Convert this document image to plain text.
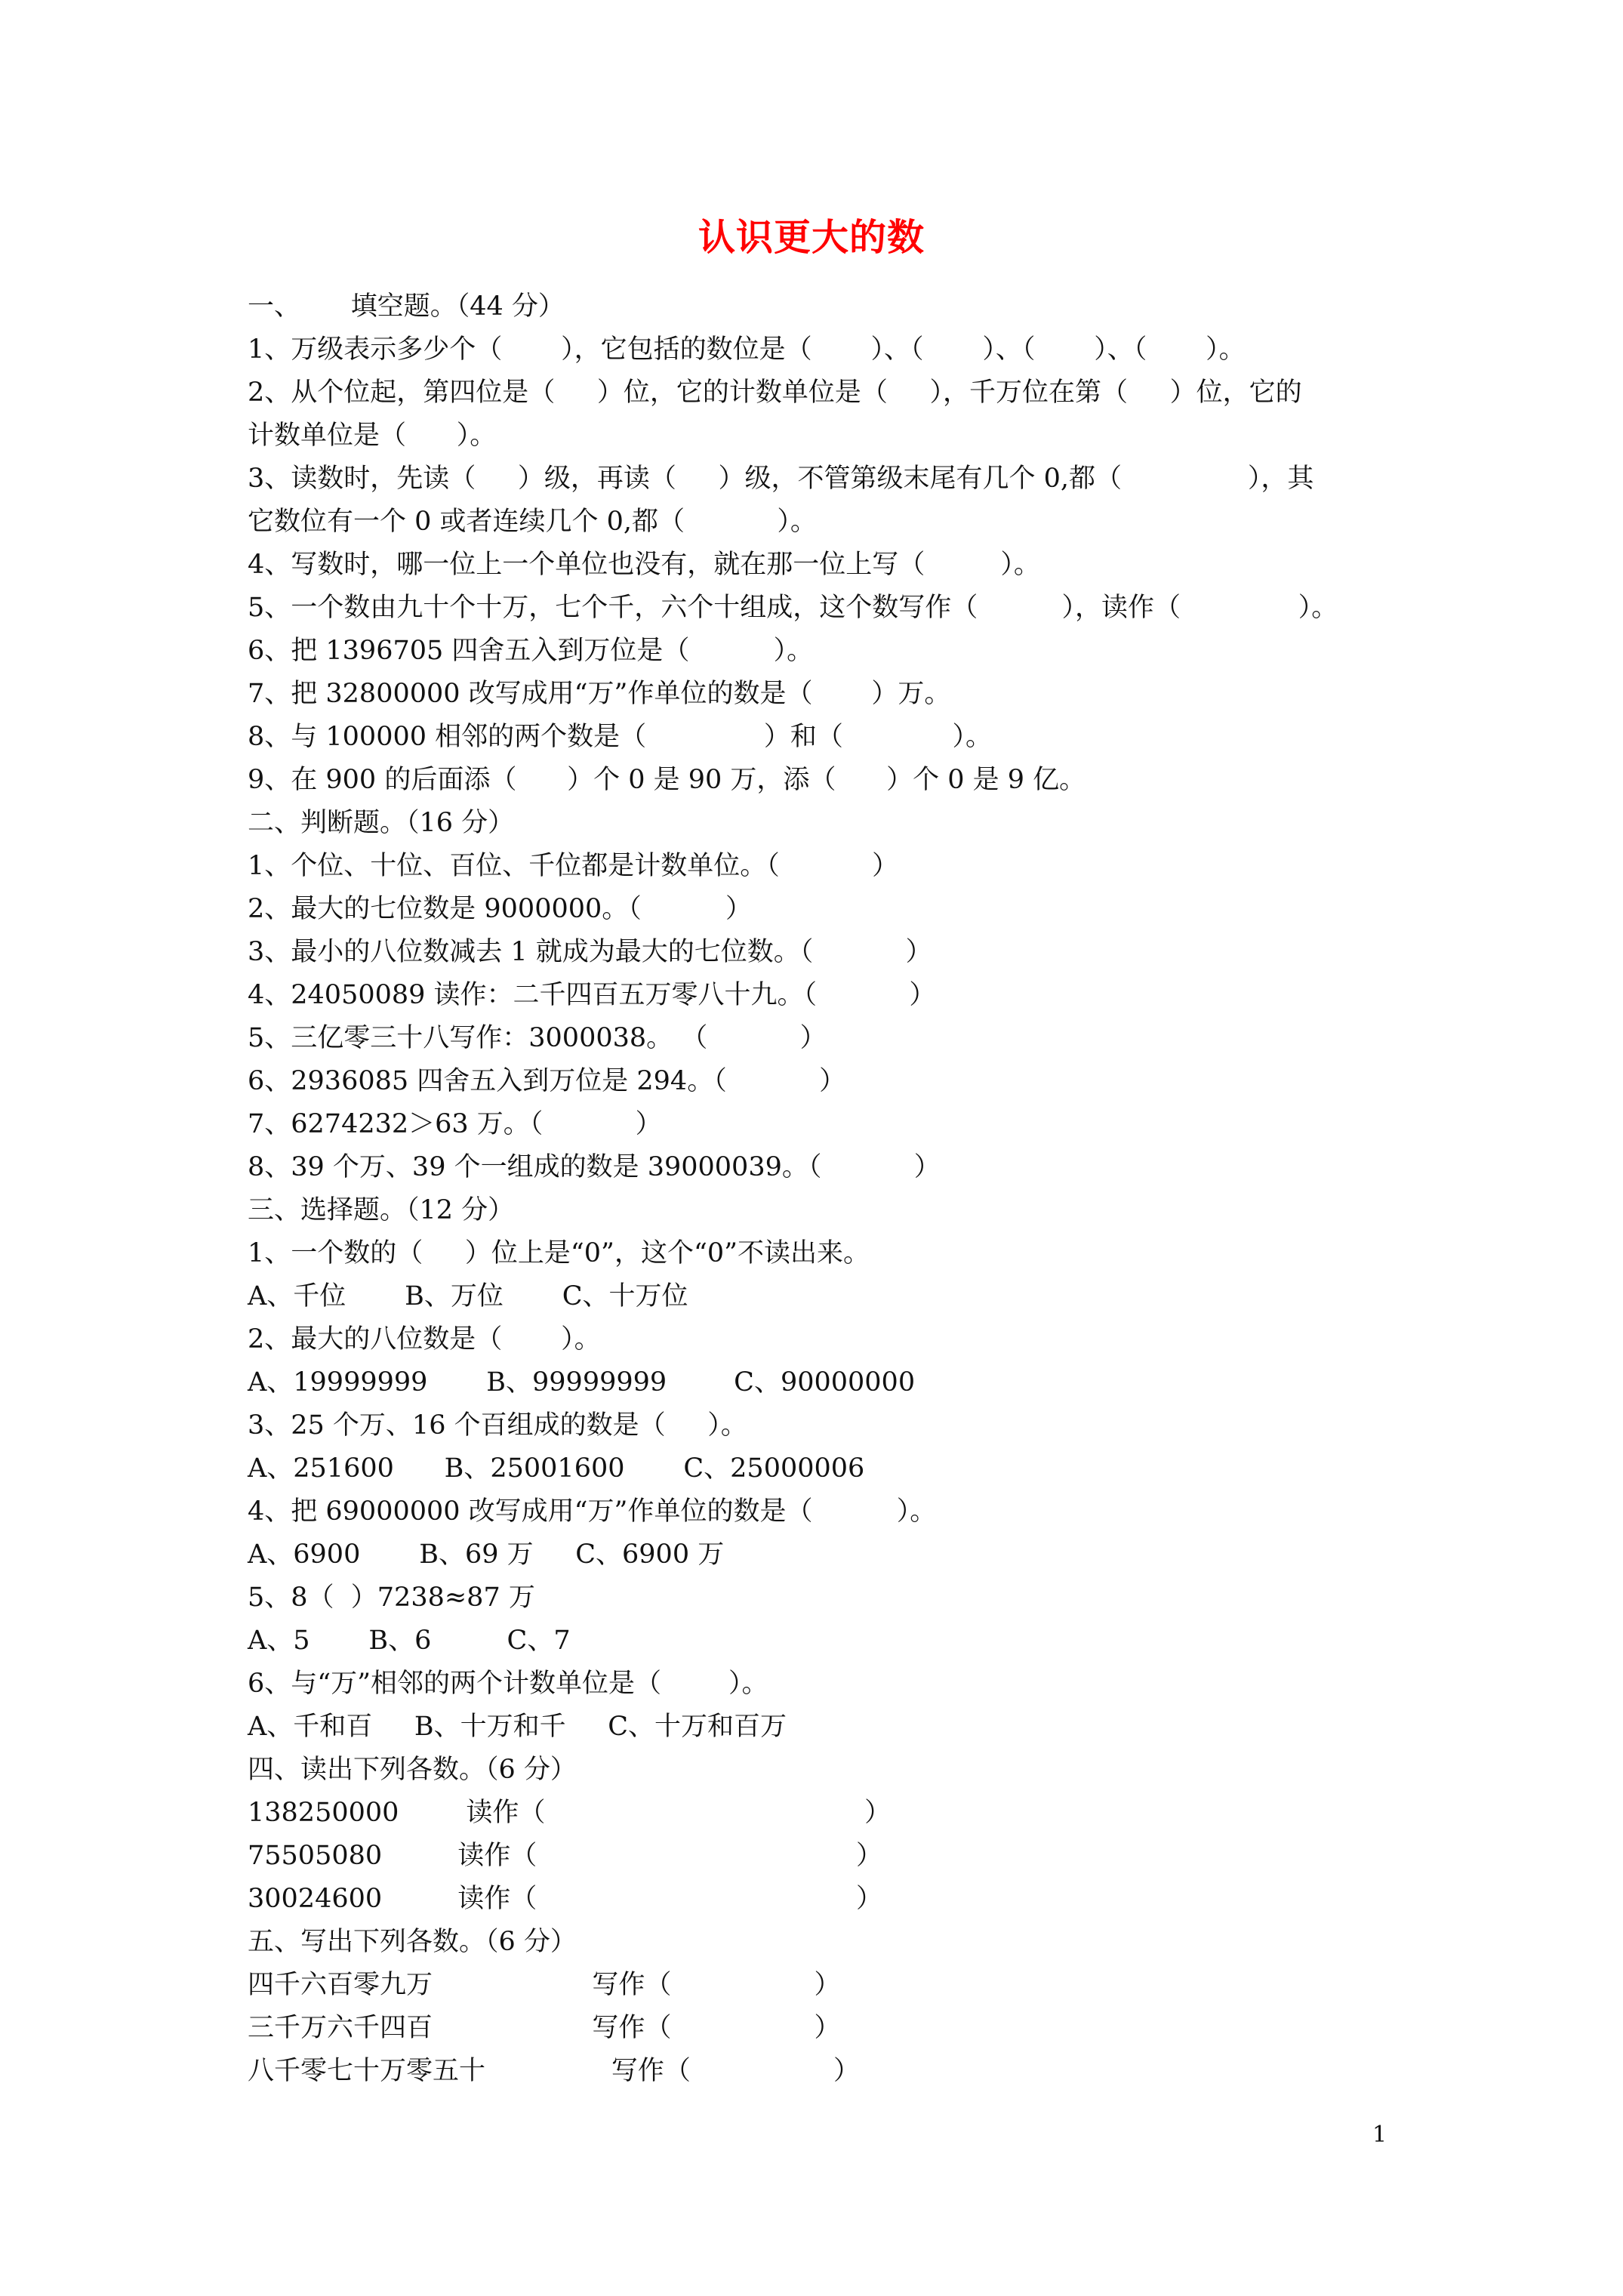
认识更大的数
一、      填空题。（44 分）
1、万级表示多少个（       ），它包括的数位是（       ）、（       ）、（       ）、（       ）。
2、从个位起，第四位是（     ）位，它的计数单位是（     ），千万位在第（     ）位，它的
计数单位是（      ）。
3、读数时，先读（     ）级，再读（     ）级，不管第级末尾有几个 0,都（               ），其
它数位有一个 0 或者连续几个 0,都（           ）。
4、写数时，哪一位上一个单位也没有，就在那一位上写（         ）。
5、一个数由九十个十万，七个千，六个十组成，这个数写作（          ），读作（              ）。
6、把 1396705 四舍五入到万位是（          ）。
7、把 32800000 改写成用“万”作单位的数是（       ）万。
8、与 100000 相邻的两个数是（              ）和（             ）。
9、在 900 的后面添（      ）个 0 是 90 万，添（      ）个 0 是 9 亿。
二、判断题。（16 分）
1、个位、十位、百位、千位都是计数单位。（           ）
2、最大的七位数是 9000000。（          ）
3、最小的八位数减去 1 就成为最大的七位数。（           ）
4、24050089 读作：二千四百五万零八十九。（           ）
5、三亿零三十八写作：3000038。 （           ）
6、2936085 四舍五入到万位是 294。（           ）
7、6274232＞63 万。（           ）
8、39 个万、39 个一组成的数是 39000039。（           ）
三、选择题。（12 分）
1、一个数的（     ）位上是“0”，这个“0”不读出来。
A、千位       B、万位       C、十万位
2、最大的八位数是（       ）。
A、19999999       B、99999999        C、90000000
3、25 个万、16 个百组成的数是（     ）。
A、251600      B、25001600       C、25000006
4、把 69000000 改写成用“万”作单位的数是（          ）。
A、6900       B、69 万     C、6900 万
5、8（  ）7238≈87 万
A、5       B、6         C、7
6、与“万”相邻的两个计数单位是（        ）。
A、千和百     B、十万和千     C、十万和百万
四、读出下列各数。（6 分）
138250000        读作（                                      ）
75505080         读作（                                      ）
30024600         读作（                                      ）
五、写出下列各数。（6 分）
四千六百零九万                   写作（                 ）
三千万六千四百                   写作（                 ）
八千零七十万零五十               写作（                 ）
1
